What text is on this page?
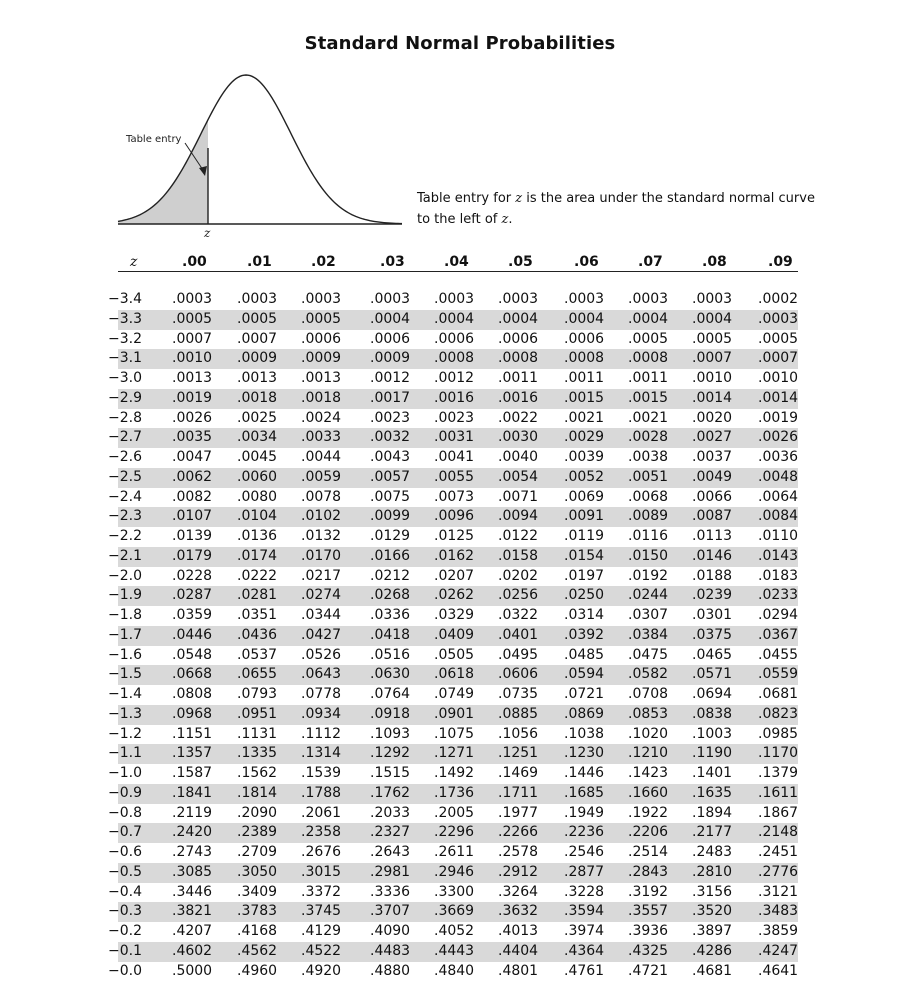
Standard Normal Probabilities
Table entry
z
Table entry for z is the area under the standard normal curve to the left of z.
z	.00	.01	.02	.03	.04	.05	.06	.07	.08	.09
−3.4 .0003 .0003 .0003 .0003 .0003 .0003 .0003 .0003 .0003 .0002
−3.3 .0005 .0005 .0005 .0004 .0004 .0004 .0004 .0004 .0004 .0003
−3.2 .0007 .0007 .0006 .0006 .0006 .0006 .0006 .0005 .0005 .0005
−3.1 .0010 .0009 .0009 .0009 .0008 .0008 .0008 .0008 .0007 .0007
−3.0 .0013 .0013 .0013 .0012 .0012 .0011 .0011 .0011 .0010 .0010
−2.9 .0019 .0018 .0018 .0017 .0016 .0016 .0015 .0015 .0014 .0014
−2.8 .0026 .0025 .0024 .0023 .0023 .0022 .0021 .0021 .0020 .0019
−2.7 .0035 .0034 .0033 .0032 .0031 .0030 .0029 .0028 .0027 .0026
−2.6 .0047 .0045 .0044 .0043 .0041 .0040 .0039 .0038 .0037 .0036
−2.5 .0062 .0060 .0059 .0057 .0055 .0054 .0052 .0051 .0049 .0048
−2.4 .0082 .0080 .0078 .0075 .0073 .0071 .0069 .0068 .0066 .0064
−2.3 .0107 .0104 .0102 .0099 .0096 .0094 .0091 .0089 .0087 .0084
−2.2 .0139 .0136 .0132 .0129 .0125 .0122 .0119 .0116 .0113 .0110
−2.1 .0179 .0174 .0170 .0166 .0162 .0158 .0154 .0150 .0146 .0143
−2.0 .0228 .0222 .0217 .0212 .0207 .0202 .0197 .0192 .0188 .0183
−1.9 .0287 .0281 .0274 .0268 .0262 .0256 .0250 .0244 .0239 .0233
−1.8 .0359 .0351 .0344 .0336 .0329 .0322 .0314 .0307 .0301 .0294
−1.7 .0446 .0436 .0427 .0418 .0409 .0401 .0392 .0384 .0375 .0367
−1.6 .0548 .0537 .0526 .0516 .0505 .0495 .0485 .0475 .0465 .0455
−1.5 .0668 .0655 .0643 .0630 .0618 .0606 .0594 .0582 .0571 .0559
−1.4 .0808 .0793 .0778 .0764 .0749 .0735 .0721 .0708 .0694 .0681
−1.3 .0968 .0951 .0934 .0918 .0901 .0885 .0869 .0853 .0838 .0823
−1.2 .1151 .1131 .1112 .1093 .1075 .1056 .1038 .1020 .1003 .0985
−1.1 .1357 .1335 .1314 .1292 .1271 .1251 .1230 .1210 .1190 .1170
−1.0 .1587 .1562 .1539 .1515 .1492 .1469 .1446 .1423 .1401 .1379
−0.9 .1841 .1814 .1788 .1762 .1736 .1711 .1685 .1660 .1635 .1611
−0.8 .2119 .2090 .2061 .2033 .2005 .1977 .1949 .1922 .1894 .1867
−0.7 .2420 .2389 .2358 .2327 .2296 .2266 .2236 .2206 .2177 .2148
−0.6 .2743 .2709 .2676 .2643 .2611 .2578 .2546 .2514 .2483 .2451
−0.5 .3085 .3050 .3015 .2981 .2946 .2912 .2877 .2843 .2810 .2776
−0.4 .3446 .3409 .3372 .3336 .3300 .3264 .3228 .3192 .3156 .3121
−0.3 .3821 .3783 .3745 .3707 .3669 .3632 .3594 .3557 .3520 .3483
−0.2 .4207 .4168 .4129 .4090 .4052 .4013 .3974 .3936 .3897 .3859
−0.1 .4602 .4562 .4522 .4483 .4443 .4404 .4364 .4325 .4286 .4247
−0.0 .5000 .4960 .4920 .4880 .4840 .4801 .4761 .4721 .4681 .4641
